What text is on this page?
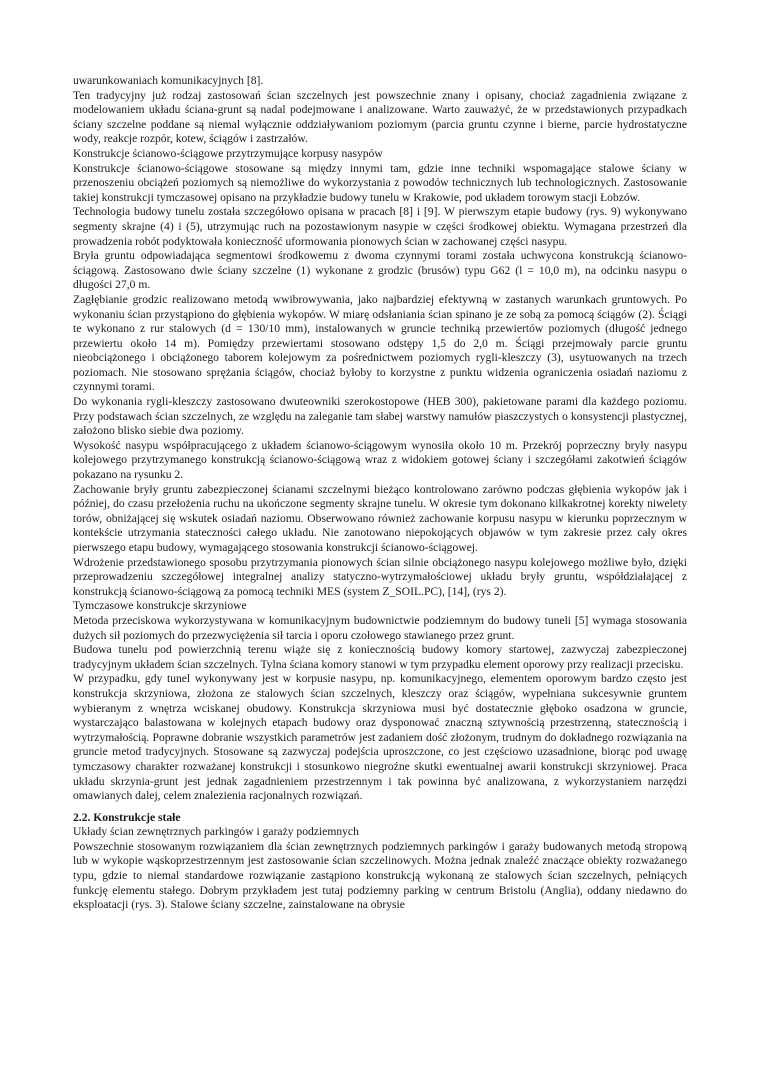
uwarunkowaniach komunikacyjnych [8].

Ten tradycyjny już rodzaj zastosowań ścian szczelnych jest powszechnie znany i opisany, chociaż zagadnienia związane z modelowaniem układu ściana-grunt są nadal podejmowane i analizowane. Warto zauważyć, że w przedstawionych przypadkach ściany szczelne poddane są niemal wyłącznie oddziaływaniom poziomym (parcia gruntu czynne i bierne, parcie hydrostatyczne wody, reakcje rozpór, kotew, ściągów i zastrzałów.

Konstrukcje ścianowo-ściągowe przytrzymujące korpusy nasypów

Konstrukcje ścianowo-ściągowe stosowane są między innymi tam, gdzie inne techniki wspomagające stalowe ściany w przenoszeniu obciążeń poziomych są niemożliwe do wykorzystania z powodów technicznych lub technologicznych. Zastosowanie takiej konstrukcji tymczasowej opisano na przykładzie budowy tunelu w Krakowie, pod układem torowym stacji Łobzów.

Technologia budowy tunelu została szczegółowo opisana w pracach [8] i [9]. W pierwszym etapie budowy (rys. 9) wykonywano segmenty skrajne (4) i (5), utrzymując ruch na pozostawionym nasypie w części środkowej obiektu. Wymagana przestrzeń dla prowadzenia robót podyktowała konieczność uformowania pionowych ścian w zachowanej części nasypu.

Bryła gruntu odpowiadająca segmentowi środkowemu z dwoma czynnymi torami została uchwycona konstrukcją ścianowo-ściągową. Zastosowano dwie ściany szczelne (1) wykonane z grodzic (brusów) typu G62 (l = 10,0 m), na odcinku nasypu o długości 27,0 m.

Zagłębianie grodzic realizowano metodą wwibrowywania, jako najbardziej efektywną w zastanych warunkach gruntowych. Po wykonaniu ścian przystąpiono do głębienia wykopów. W miarę odsłaniania ścian spinano je ze sobą za pomocą ściągów (2). Ściągi te wykonano z rur stalowych (d = 130/10 mm), instalowanych w gruncie techniką przewiertów poziomych (długość jednego przewiertu około 14 m). Pomiędzy przewiertami stosowano odstępy 1,5 do 2,0 m. Ściągi przejmowały parcie gruntu nieobciążonego i obciążonego taborem kolejowym za pośrednictwem poziomych rygli-kleszczy (3), usytuowanych na trzech poziomach. Nie stosowano sprężania ściągów, chociaż byłoby to korzystne z punktu widzenia ograniczenia osiadań naziomu z czynnymi torami.

Do wykonania rygli-kleszczy zastosowano dwuteowniki szerokostopowe (HEB 300), pakietowane parami dla każdego poziomu. Przy podstawach ścian szczelnych, ze względu na zaleganie tam słabej warstwy namułów piaszczystych o konsystencji plastycznej, założono blisko siebie dwa poziomy.

Wysokość nasypu współpracującego z układem ścianowo-ściągowym wynosiła około 10 m. Przekrój poprzeczny bryły nasypu kolejowego przytrzymanego konstrukcją ścianowo-ściągową wraz z widokiem gotowej ściany i szczegółami zakotwień ściągów pokazano na rysunku 2.

Zachowanie bryły gruntu zabezpieczonej ścianami szczelnymi bieżąco kontrolowano zarówno podczas głębienia wykopów jak i później, do czasu przełożenia ruchu na ukończone segmenty skrajne tunelu. W okresie tym dokonano kilkakrotnej korekty niwelety torów, obniżającej się wskutek osiadań naziomu. Obserwowano również zachowanie korpusu nasypu w kierunku poprzecznym w kontekście utrzymania stateczności całego układu. Nie zanotowano niepokojących objawów w tym zakresie przez cały okres pierwszego etapu budowy, wymagającego stosowania konstrukcji ścianowo-ściągowej.

Wdrożenie przedstawionego sposobu przytrzymania pionowych ścian silnie obciążonego nasypu kolejowego możliwe było, dzięki przeprowadzeniu szczegółowej integralnej analizy statyczno-wytrzymałościowej układu bryły gruntu, współdziałającej z konstrukcją ścianowo-ściągową za pomocą techniki MES (system Z_SOIL.PC), [14], (rys 2).

Tymczasowe konstrukcje skrzyniowe

Metoda przeciskowa wykorzystywana w komunikacyjnym budownictwie podziemnym do budowy tuneli [5] wymaga stosowania dużych sił poziomych do przezwyciężenia sił tarcia i oporu czołowego stawianego przez grunt.

Budowa tunelu pod powierzchnią terenu wiąże się z koniecznością budowy komory startowej, zazwyczaj zabezpieczonej tradycyjnym układem ścian szczelnych. Tylna ściana komory stanowi w tym przypadku element oporowy przy realizacji przecisku.

W przypadku, gdy tunel wykonywany jest w korpusie nasypu, np. komunikacyjnego, elementem oporowym bardzo często jest konstrukcja skrzyniowa, złożona ze stalowych ścian szczelnych, kleszczy oraz ściągów, wypełniana sukcesywnie gruntem wybieranym z wnętrza wciskanej obudowy. Konstrukcja skrzyniowa musi być dostatecznie głęboko osadzona w gruncie, wystarczająco balastowana w kolejnych etapach budowy oraz dysponować znaczną sztywnością przestrzenną, statecznością i wytrzymałością. Poprawne dobranie wszystkich parametrów jest zadaniem dość złożonym, trudnym do dokładnego rozwiązania na gruncie metod tradycyjnych. Stosowane są zazwyczaj podejścia uproszczone, co jest częściowo uzasadnione, biorąc pod uwagę tymczasowy charakter rozważanej konstrukcji i stosunkowo niegroźne skutki ewentualnej awarii konstrukcji skrzyniowej. Praca układu skrzynia-grunt jest jednak zagadnieniem przestrzennym i tak powinna być analizowana, z wykorzystaniem narzędzi omawianych dalej, celem znalezienia racjonalnych rozwiązań.

2.2. Konstrukcje stałe

Układy ścian zewnętrznych parkingów i garaży podziemnych

Powszechnie stosowanym rozwiązaniem dla ścian zewnętrznych podziemnych parkingów i garaży budowanych metodą stropową lub w wykopie wąskoprzestrzennym jest zastosowanie ścian szczelinowych. Można jednak znaleźć znaczące obiekty rozważanego typu, gdzie to niemal standardowe rozwiązanie zastąpiono konstrukcją wykonaną ze stalowych ścian szczelnych, pełniących funkcję elementu stałego. Dobrym przykładem jest tutaj podziemny parking w centrum Bristolu (Anglia), oddany niedawno do eksploatacji (rys. 3). Stalowe ściany szczelne, zainstalowane na obrysie
